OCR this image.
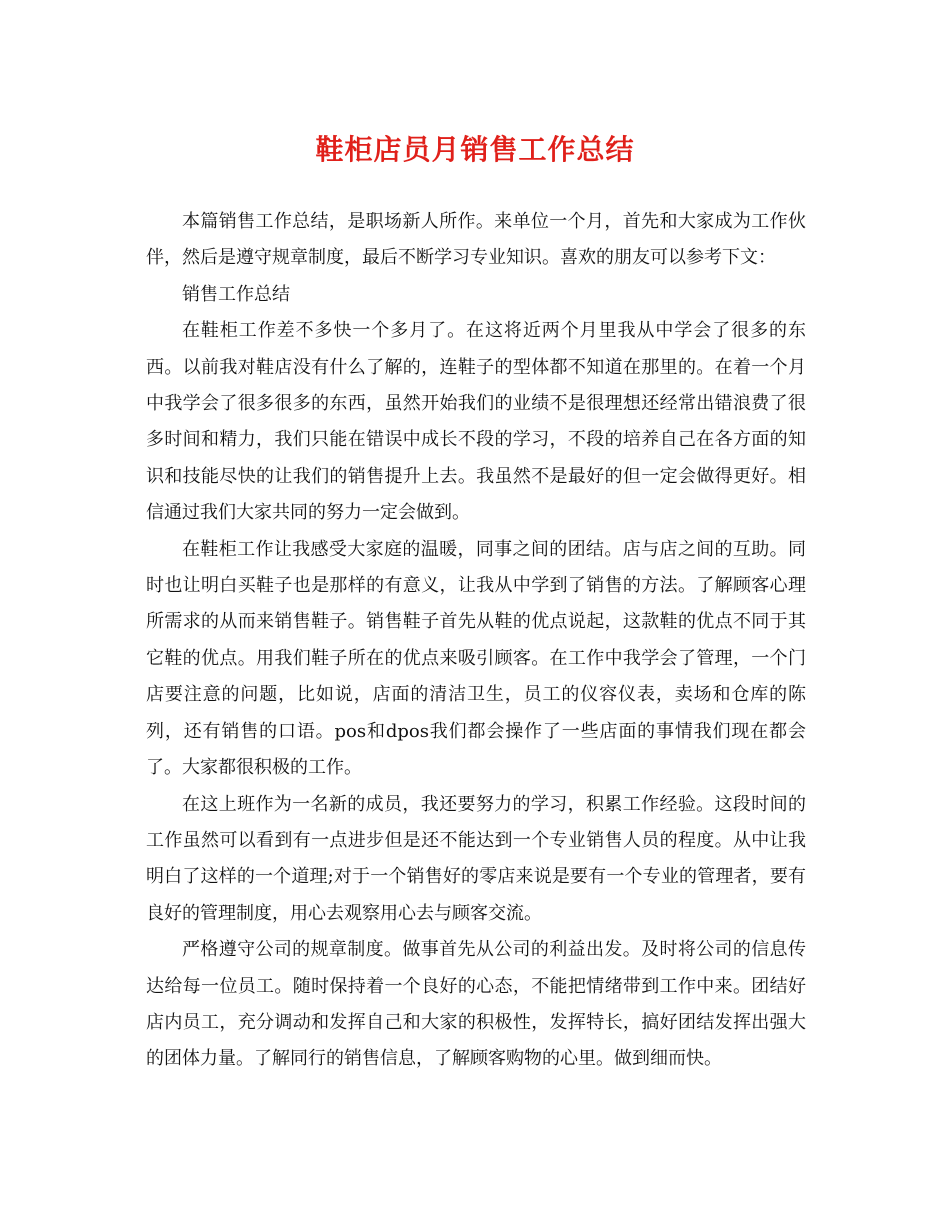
鞋柜店员月销售工作总结

本篇销售工作总结，是职场新人所作。来单位一个月，首先和大家成为工作伙伴，然后是遵守规章制度，最后不断学习专业知识。喜欢的朋友可以参考下文：

销售工作总结

在鞋柜工作差不多快一个多月了。在这将近两个月里我从中学会了很多的东西。以前我对鞋店没有什么了解的，连鞋子的型体都不知道在那里的。在着一个月中我学会了很多很多的东西，虽然开始我们的业绩不是很理想还经常出错浪费了很多时间和精力，我们只能在错误中成长不段的学习，不段的培养自己在各方面的知识和技能尽快的让我们的销售提升上去。我虽然不是最好的但一定会做得更好。相信通过我们大家共同的努力一定会做到。

在鞋柜工作让我感受大家庭的温暖，同事之间的团结。店与店之间的互助。同时也让明白买鞋子也是那样的有意义，让我从中学到了销售的方法。了解顾客心理所需求的从而来销售鞋子。销售鞋子首先从鞋的优点说起，这款鞋的优点不同于其它鞋的优点。用我们鞋子所在的优点来吸引顾客。在工作中我学会了管理，一个门店要注意的问题，比如说，店面的清洁卫生，员工的仪容仪表，卖场和仓库的陈列，还有销售的口语。pos和dpos我们都会操作了一些店面的事情我们现在都会了。大家都很积极的工作。

在这上班作为一名新的成员，我还要努力的学习，积累工作经验。这段时间的工作虽然可以看到有一点进步但是还不能达到一个专业销售人员的程度。从中让我明白了这样的一个道理;对于一个销售好的零店来说是要有一个专业的管理者，要有良好的管理制度，用心去观察用心去与顾客交流。

严格遵守公司的规章制度。做事首先从公司的利益出发。及时将公司的信息传达给每一位员工。随时保持着一个良好的心态，不能把情绪带到工作中来。团结好店内员工，充分调动和发挥自己和大家的积极性，发挥特长，搞好团结发挥出强大的团体力量。了解同行的销售信息，了解顾客购物的心里。做到细而快。
